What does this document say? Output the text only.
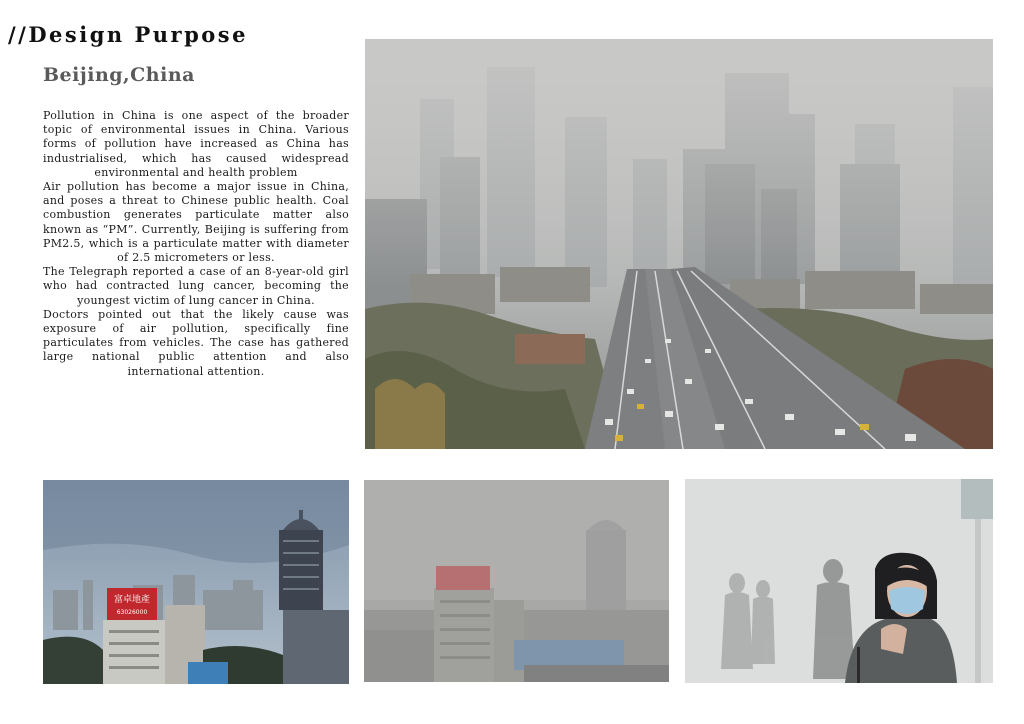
//Design Purpose
Beijing,China

Pollution in China is one aspect of the broader topic of environmental issues in China. Various forms of pollution have increased as China has industrialised, which has caused widespread environmental and health problem

Air pollution has become a major issue in China, and poses a threat to Chinese public health. Coal combustion generates particulate matter also known as “PM”. Currently, Beijing is suffering from PM2.5, which is a particulate matter with diameter of 2.5 micrometers or less.

The Telegraph reported a case of an 8-year-old girl who had contracted lung cancer, becoming the youngest victim of lung cancer in China.

Doctors pointed out that the likely cause was exposure of air pollution, specifically fine particulates from vehicles. The case has gathered large national public attention and also international attention.

富卓地產
63026000
